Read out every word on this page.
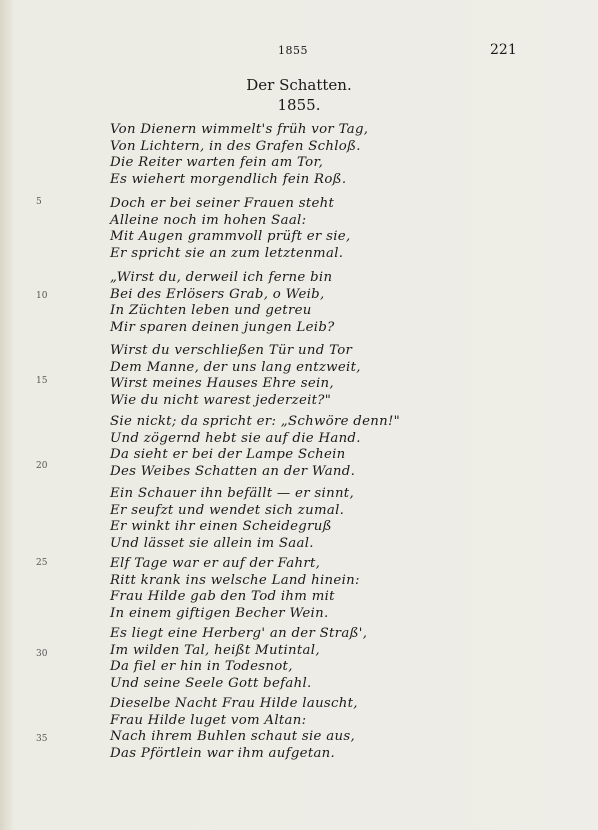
1855	221
Der Schatten.
1855.
5
10
15
20
25
30
35
Von Dienern wimmelt's früh vor Tag,
Von Lichtern, in des Grafen Schloß.
Die Reiter warten fein am Tor,
Es wiehert morgendlich fein Roß.
Doch er bei seiner Frauen steht
Alleine noch im hohen Saal:
Mit Augen grammvoll prüft er sie,
Er spricht sie an zum letztenmal.
„Wirst du, derweil ich ferne bin
Bei des Erlösers Grab, o Weib,
In Züchten leben und getreu
Mir sparen deinen jungen Leib?
Wirst du verschließen Tür und Tor
Dem Manne, der uns lang entzweit,
Wirst meines Hauses Ehre sein,
Wie du nicht warest jederzeit?"
Sie nickt; da spricht er: „Schwöre denn!"
Und zögernd hebt sie auf die Hand.
Da sieht er bei der Lampe Schein
Des Weibes Schatten an der Wand.
Ein Schauer ihn befällt — er sinnt,
Er seufzt und wendet sich zumal.
Er winkt ihr einen Scheidegruß
Und lässet sie allein im Saal.
Elf Tage war er auf der Fahrt,
Ritt krank ins welsche Land hinein:
Frau Hilde gab den Tod ihm mit
In einem giftigen Becher Wein.
Es liegt eine Herberg' an der Straß',
Im wilden Tal, heißt Mutintal,
Da fiel er hin in Todesnot,
Und seine Seele Gott befahl.
Dieselbe Nacht Frau Hilde lauscht,
Frau Hilde luget vom Altan:
Nach ihrem Buhlen schaut sie aus,
Das Pförtlein war ihm aufgetan.
